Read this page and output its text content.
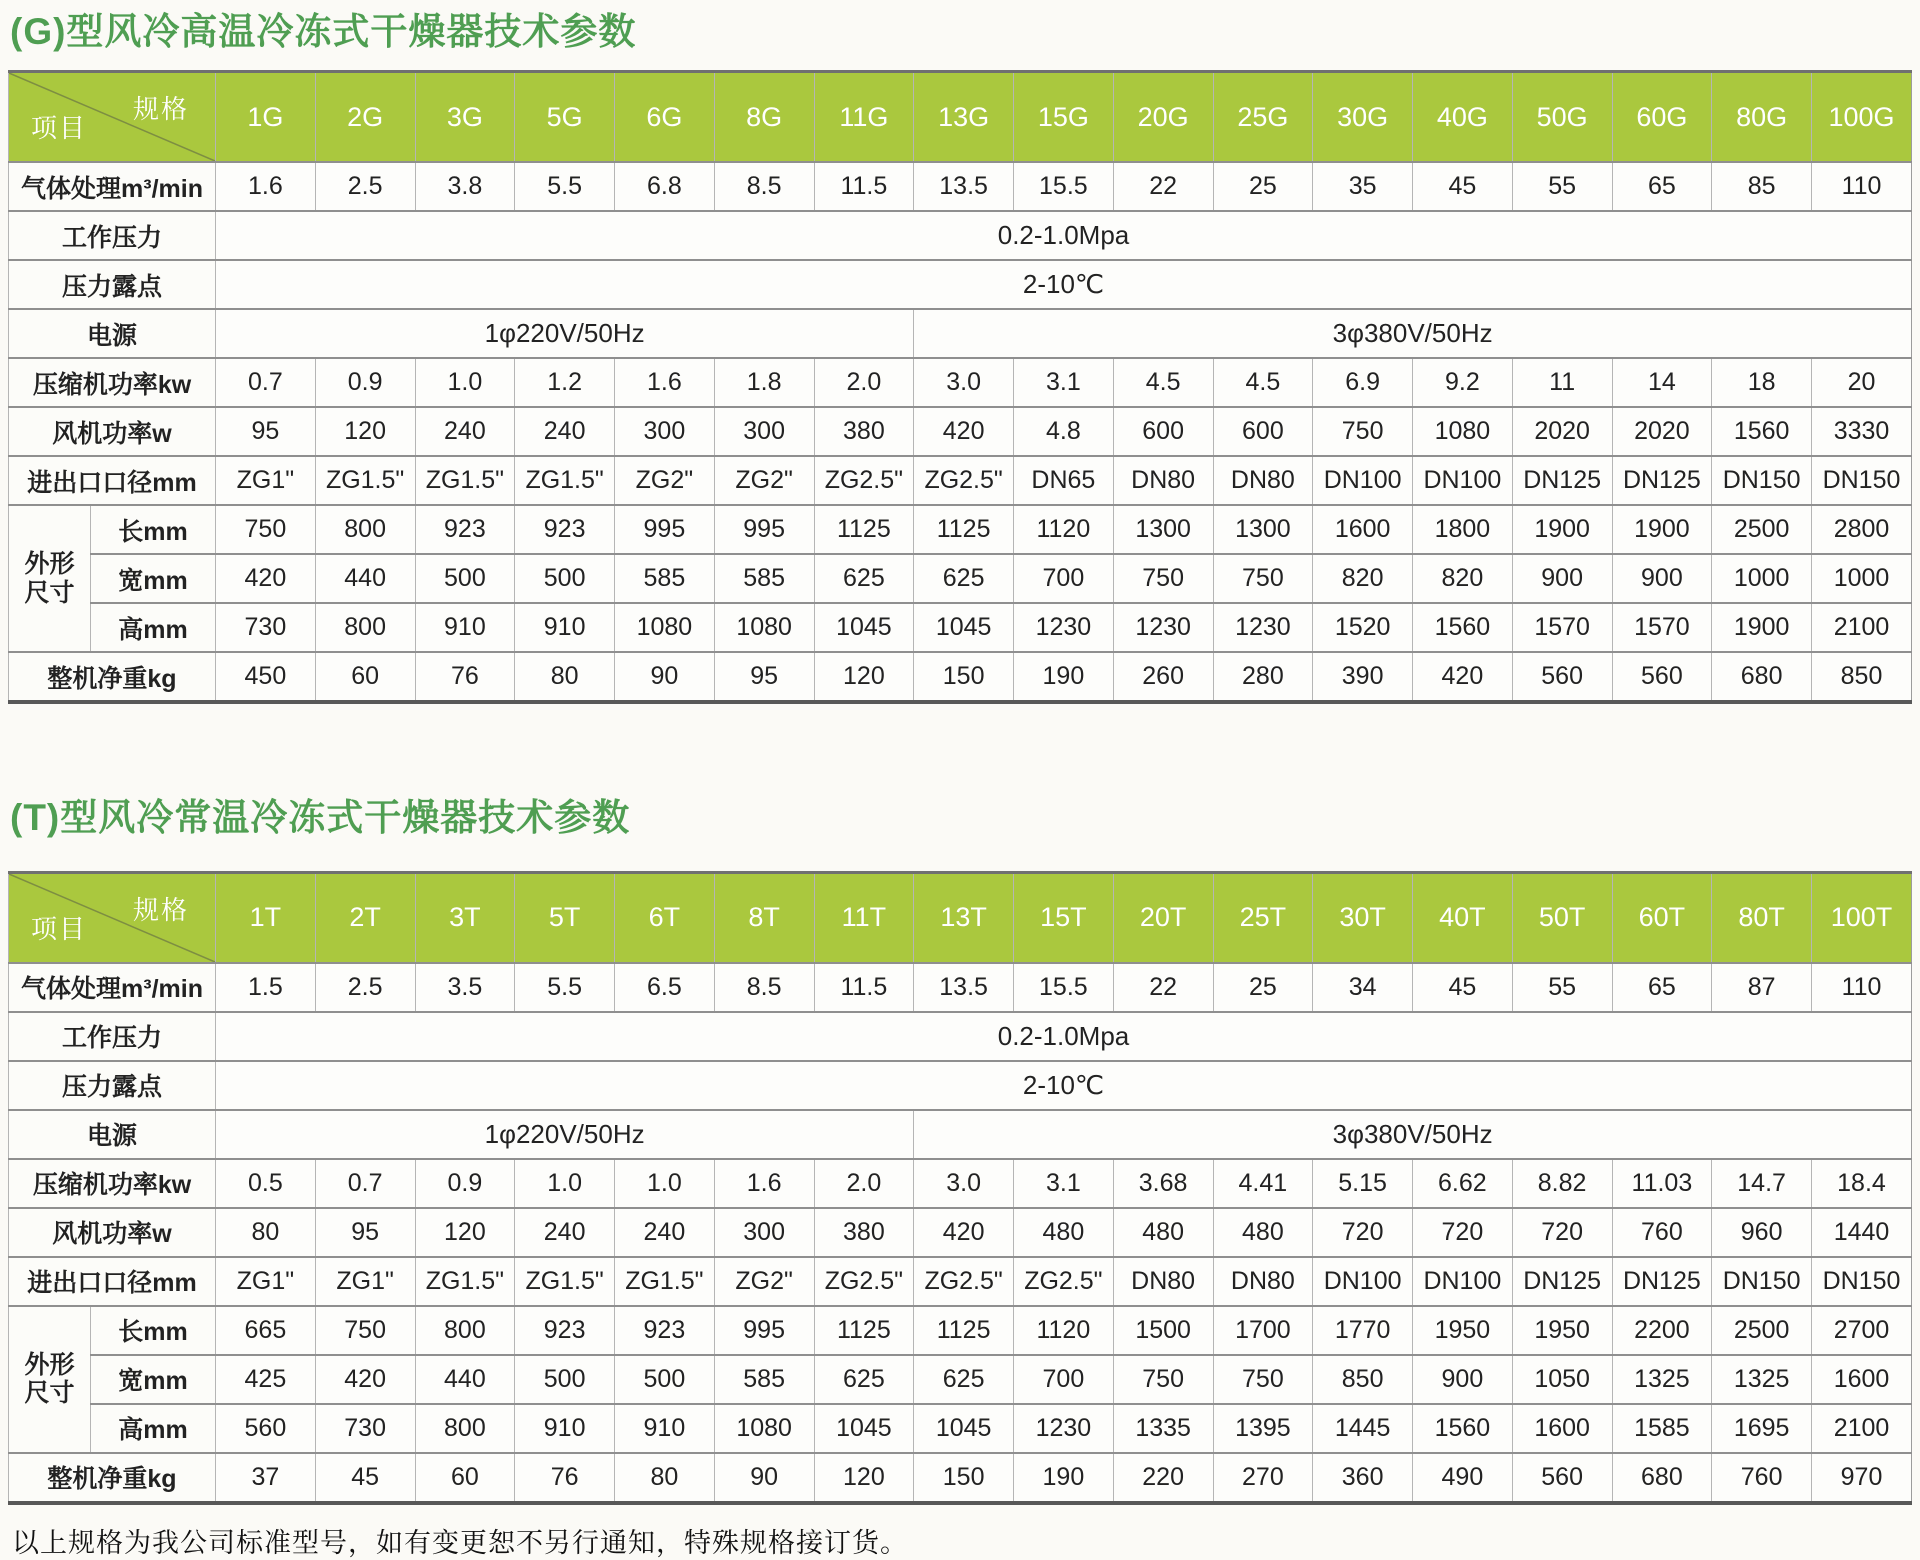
(G)型风冷高温冷冻式干燥器技术参数
规格
项目		1G	2G	3G	5G	6G	8G	11G	13G	15G	20G	25G	30G	40G	50G	60G	80G	100G
气体处理m³/min		1.6	2.5	3.8	5.5	6.8	8.5	11.5	13.5	15.5	22	25	35	45	55	65	85	110
工作压力		0.2-1.0Mpa																
压力露点		2-10℃																
电源		1φ220V/50Hz							3φ380V/50Hz									
压缩机功率kw		0.7	0.9	1.0	1.2	1.6	1.8	2.0	3.0	3.1	4.5	4.5	6.9	9.2	11	14	18	20
风机功率w		95	120	240	240	300	300	380	420	4.8	600	600	750	1080	2020	2020	1560	3330
进出口口径mm		ZG1"	ZG1.5"	ZG1.5"	ZG1.5"	ZG2"	ZG2"	ZG2.5"	ZG2.5"	DN65	DN80	DN80	DN100	DN100	DN125	DN125	DN150	DN150
外形尺寸	长mm	750	800	923	923	995	995	1125	1125	1120	1300	1300	1600	1800	1900	1900	2500	2800
	宽mm	420	440	500	500	585	585	625	625	700	750	750	820	820	900	900	1000	1000
	高mm	730	800	910	910	1080	1080	1045	1045	1230	1230	1230	1520	1560	1570	1570	1900	2100
整机净重kg		450	60	76	80	90	95	120	150	190	260	280	390	420	560	560	680	850
(T)型风冷常温冷冻式干燥器技术参数
规格
项目		1T	2T	3T	5T	6T	8T	11T	13T	15T	20T	25T	30T	40T	50T	60T	80T	100T
气体处理m³/min		1.5	2.5	3.5	5.5	6.5	8.5	11.5	13.5	15.5	22	25	34	45	55	65	87	110
工作压力		0.2-1.0Mpa																
压力露点		2-10℃																
电源		1φ220V/50Hz							3φ380V/50Hz									
压缩机功率kw		0.5	0.7	0.9	1.0	1.0	1.6	2.0	3.0	3.1	3.68	4.41	5.15	6.62	8.82	11.03	14.7	18.4
风机功率w		80	95	120	240	240	300	380	420	480	480	480	720	720	720	760	960	1440
进出口口径mm		ZG1"	ZG1"	ZG1.5"	ZG1.5"	ZG1.5"	ZG2"	ZG2.5"	ZG2.5"	ZG2.5"	DN80	DN80	DN100	DN100	DN125	DN125	DN150	DN150
外形尺寸	长mm	665	750	800	923	923	995	1125	1125	1120	1500	1700	1770	1950	1950	2200	2500	2700
	宽mm	425	420	440	500	500	585	625	625	700	750	750	850	900	1050	1325	1325	1600
	高mm	560	730	800	910	910	1080	1045	1045	1230	1335	1395	1445	1560	1600	1585	1695	2100
整机净重kg		37	45	60	76	80	90	120	150	190	220	270	360	490	560	680	760	970
以上规格为我公司标准型号，如有变更恕不另行通知，特殊规格接订货。
